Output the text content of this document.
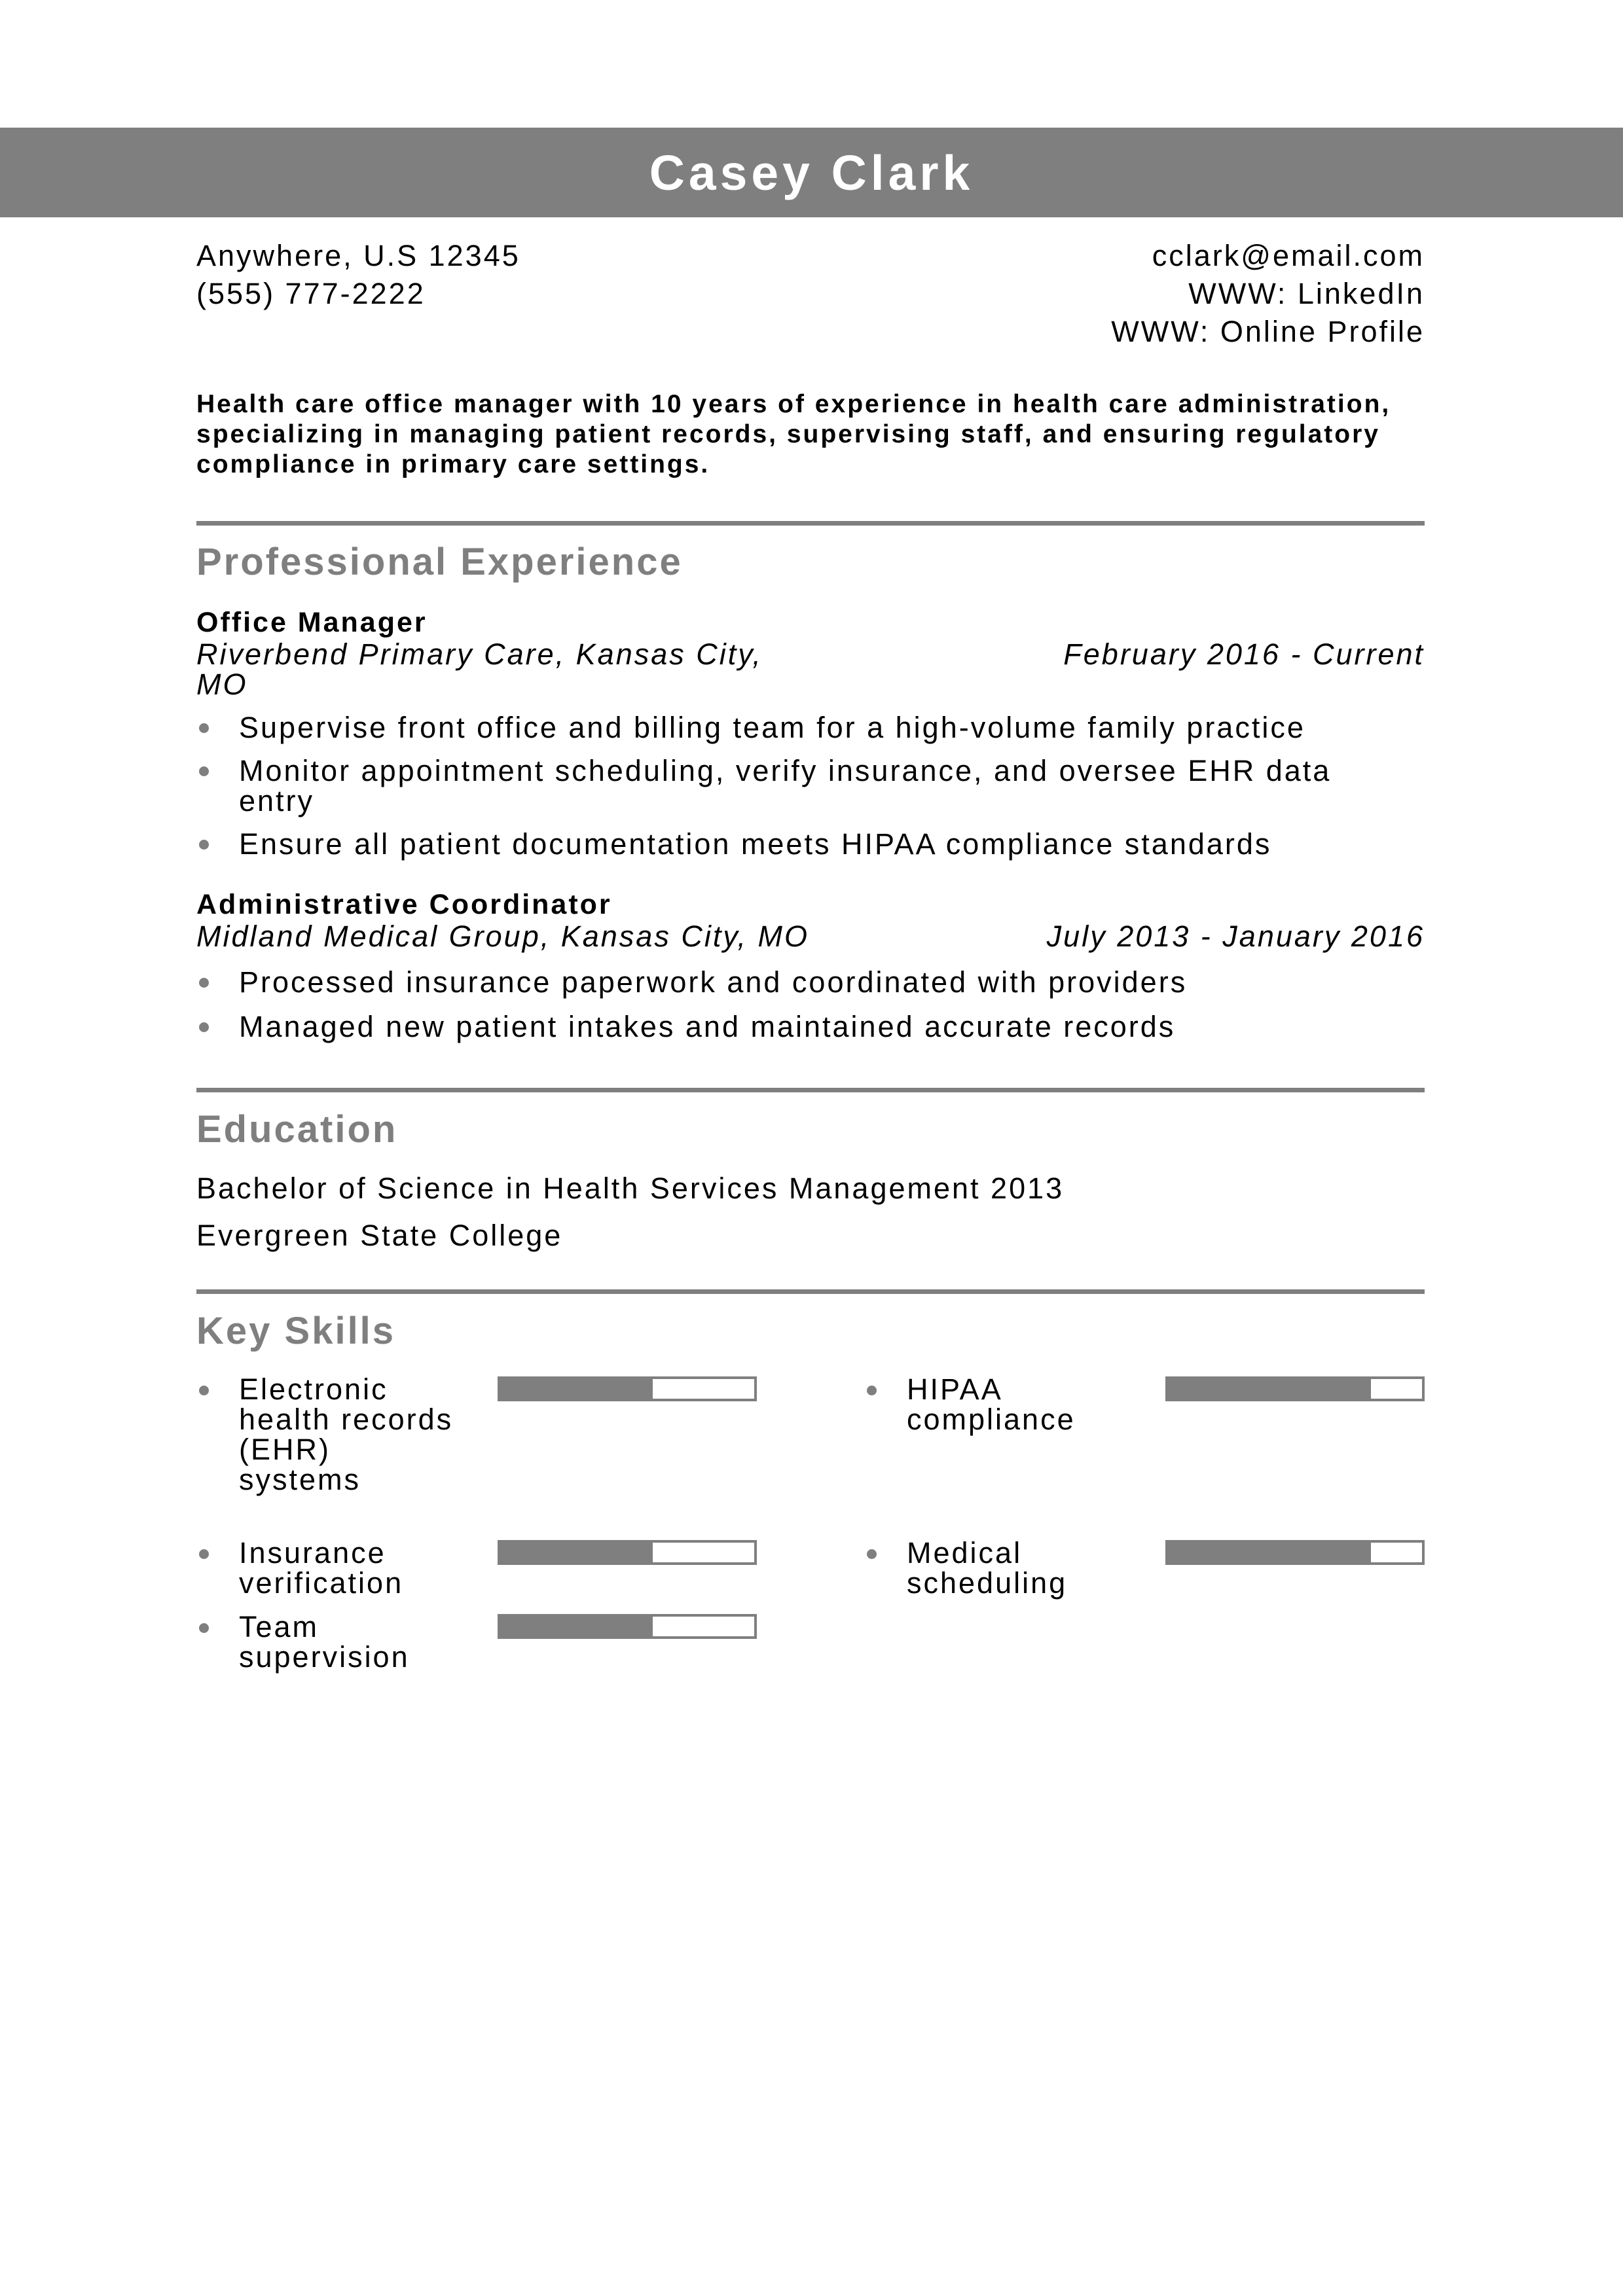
Casey Clark
Anywhere, U.S 12345
(555) 777-2222
cclark@email.com
WWW: LinkedIn
WWW: Online Profile

Health care office manager with 10 years of experience in health care administration, specializing in managing patient records, supervising staff, and ensuring regulatory compliance in primary care settings.

Professional Experience
Office Manager
Riverbend Primary Care, Kansas City, MO
February 2016 - Current
Supervise front office and billing team for a high-volume family practice
Monitor appointment scheduling, verify insurance, and oversee EHR data entry
Ensure all patient documentation meets HIPAA compliance standards
Administrative Coordinator
Midland Medical Group, Kansas City, MO	July 2013 - January 2016
Processed insurance paperwork and coordinated with providers
Managed new patient intakes and maintained accurate records
Education

Bachelor of Science in Health Services Management 2013

Evergreen State College

Key Skills
Electronic health records (EHR) systems
HIPAA compliance
Insurance verification
Medical scheduling
Team supervision
